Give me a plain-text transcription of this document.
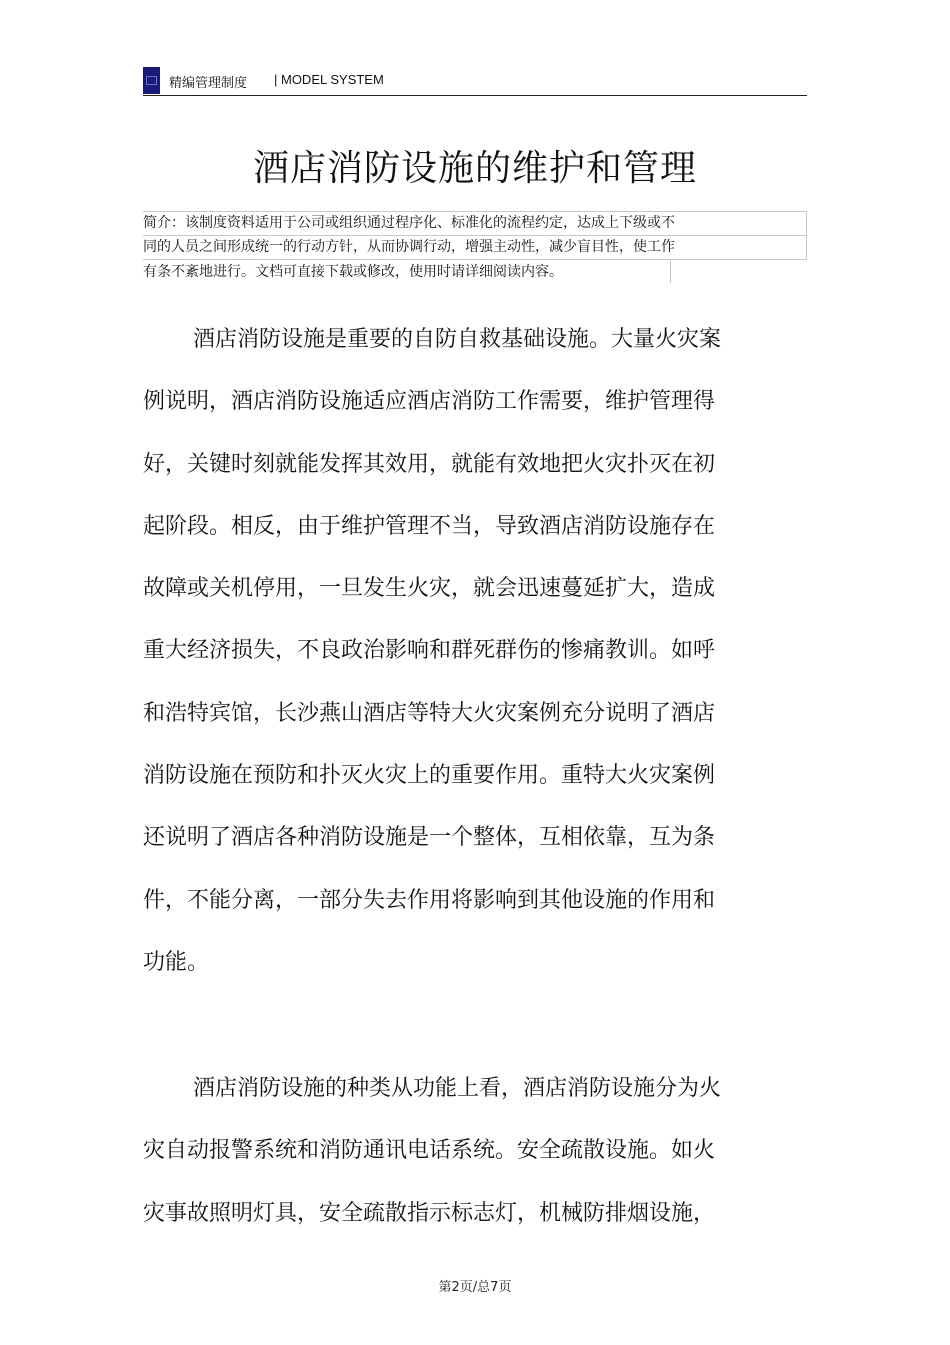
精编管理制度 | MODEL SYSTEM
酒店消防设施的维护和管理
简介：该制度资料适用于公司或组织通过程序化、标准化的流程约定，达成上下级或不
同的人员之间形成统一的行动方针，从而协调行动，增强主动性，减少盲目性，使工作
有条不紊地进行。文档可直接下载或修改，使用时请详细阅读内容。
酒店消防设施是重要的自防自救基础设施。大量火灾案
例说明，酒店消防设施适应酒店消防工作需要，维护管理得
好，关键时刻就能发挥其效用，就能有效地把火灾扑灭在初
起阶段。相反，由于维护管理不当，导致酒店消防设施存在
故障或关机停用，一旦发生火灾，就会迅速蔓延扩大，造成
重大经济损失，不良政治影响和群死群伤的惨痛教训。如呼
和浩特宾馆，长沙燕山酒店等特大火灾案例充分说明了酒店
消防设施在预防和扑灭火灾上的重要作用。重特大火灾案例
还说明了酒店各种消防设施是一个整体，互相依靠，互为条
件，不能分离，一部分失去作用将影响到其他设施的作用和
功能。
酒店消防设施的种类从功能上看，酒店消防设施分为火
灾自动报警系统和消防通讯电话系统。安全疏散设施。如火
灾事故照明灯具，安全疏散指示标志灯，机械防排烟设施，
第2页/总7页
